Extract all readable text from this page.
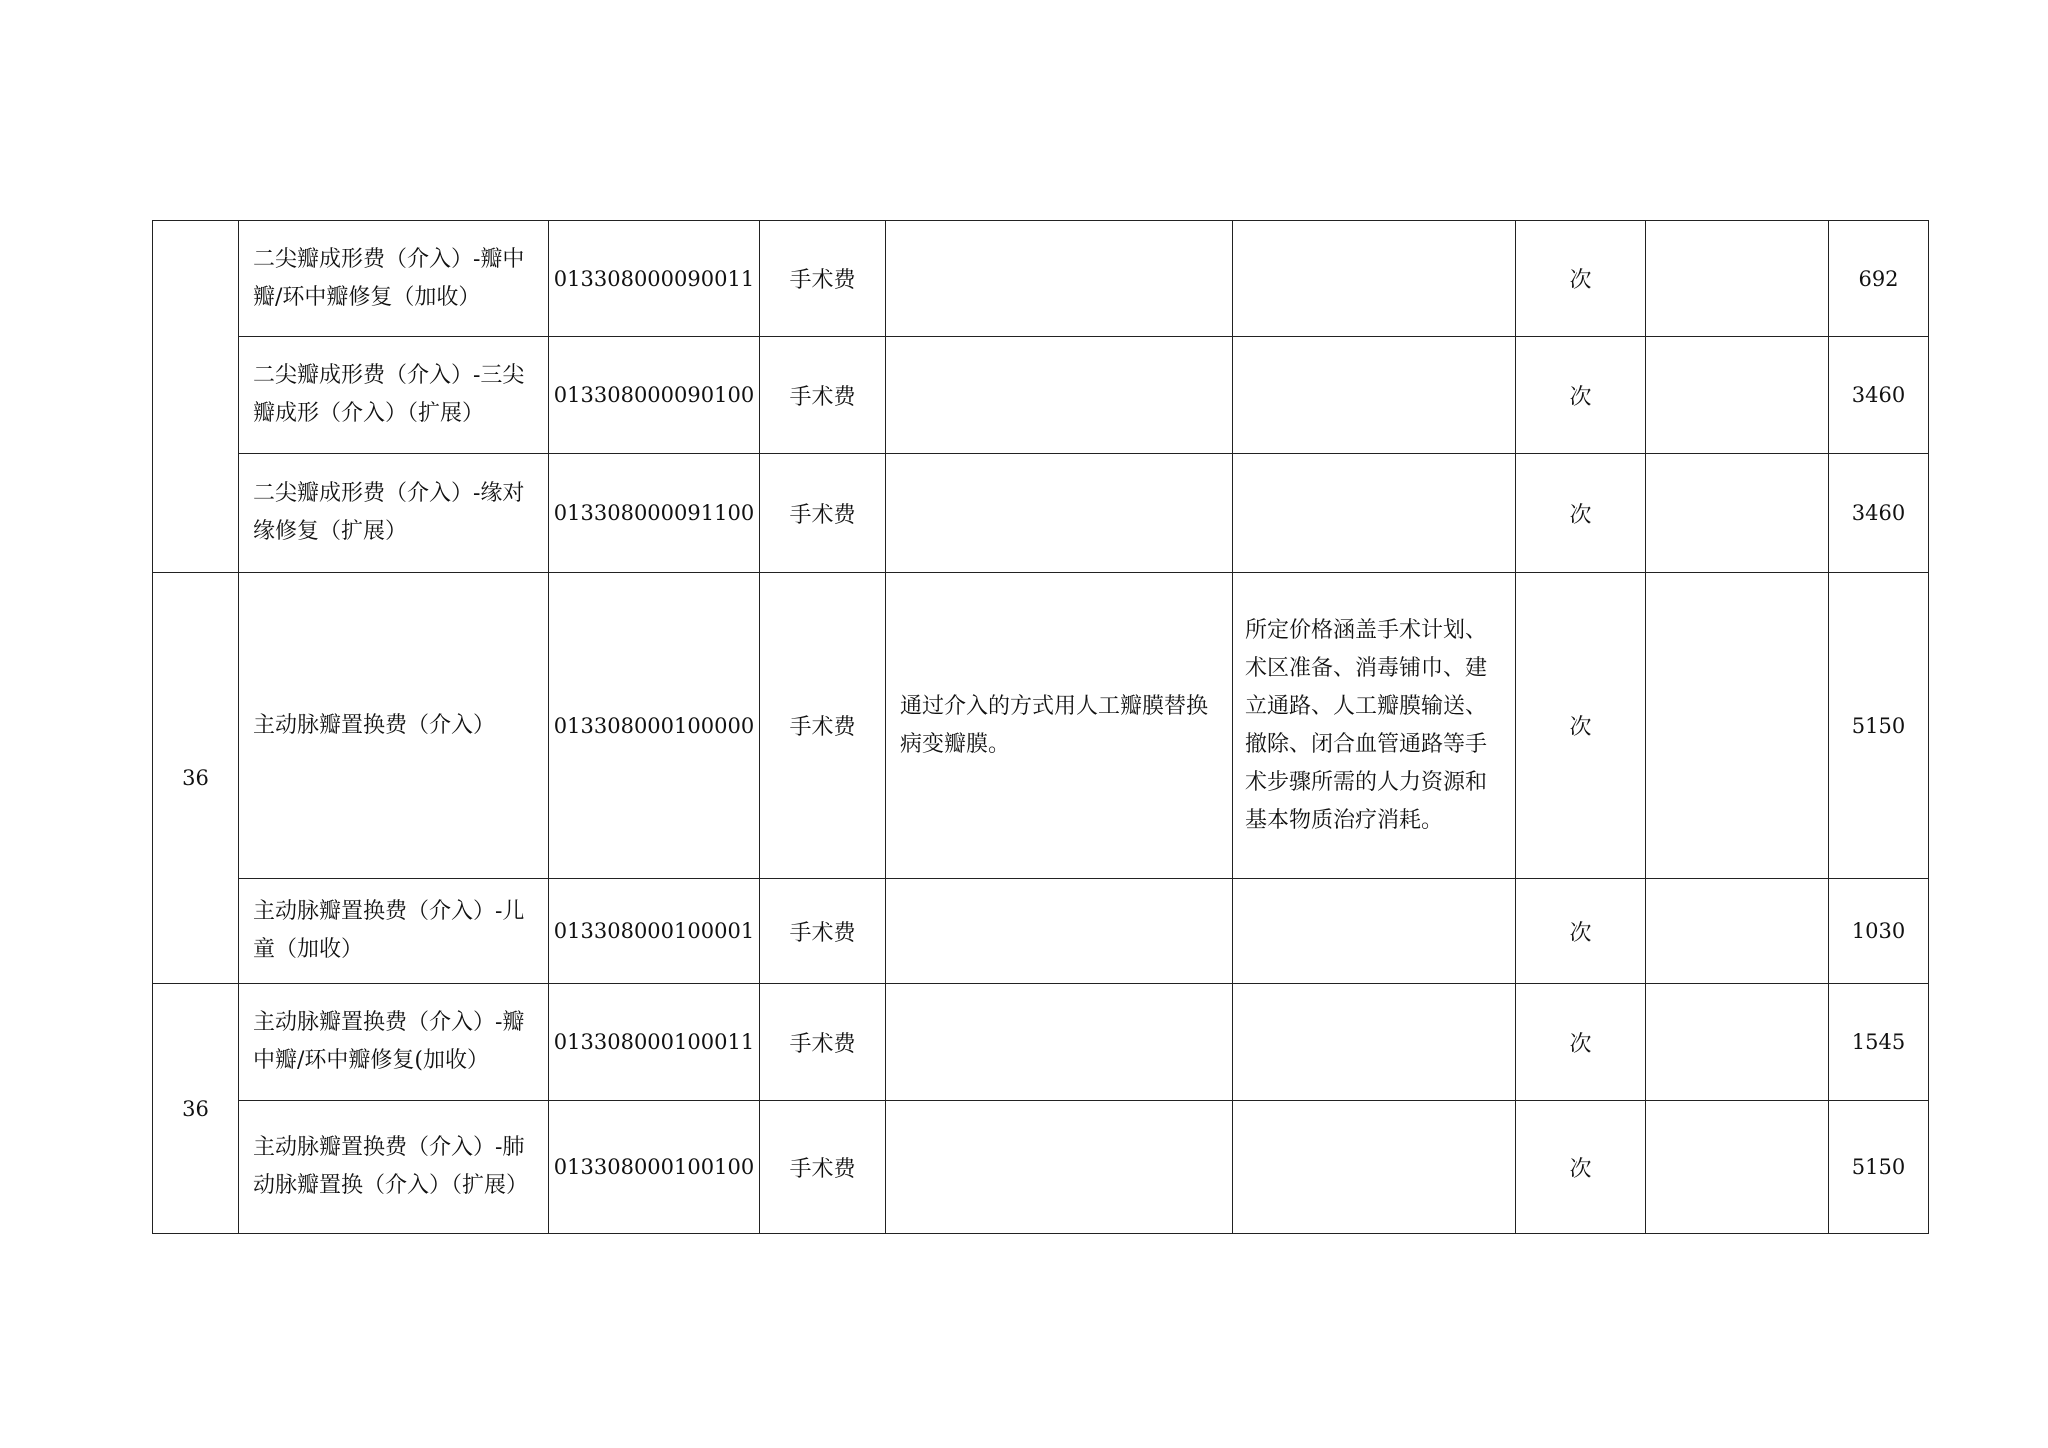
	二尖瓣成形费（介入）-瓣中瓣/环中瓣修复（加收）	013308000090011	手术费			次		692
	二尖瓣成形费（介入）-三尖瓣成形（介入）（扩展）	013308000090100	手术费			次		3460
	二尖瓣成形费（介入）-缘对缘修复（扩展）	013308000091100	手术费			次		3460
36	主动脉瓣置换费（介入）	013308000100000	手术费	通过介入的方式用人工瓣膜替换病变瓣膜。	所定价格涵盖手术计划、术区准备、消毒铺巾、建立通路、人工瓣膜输送、撤除、闭合血管通路等手术步骤所需的人力资源和基本物质治疗消耗。	次		5150
	主动脉瓣置换费（介入）-儿童（加收）	013308000100001	手术费			次		1030
36	主动脉瓣置换费（介入）-瓣中瓣/环中瓣修复(加收）	013308000100011	手术费			次		1545
	主动脉瓣置换费（介入）-肺动脉瓣置换（介入）（扩展）	013308000100100	手术费			次		5150
